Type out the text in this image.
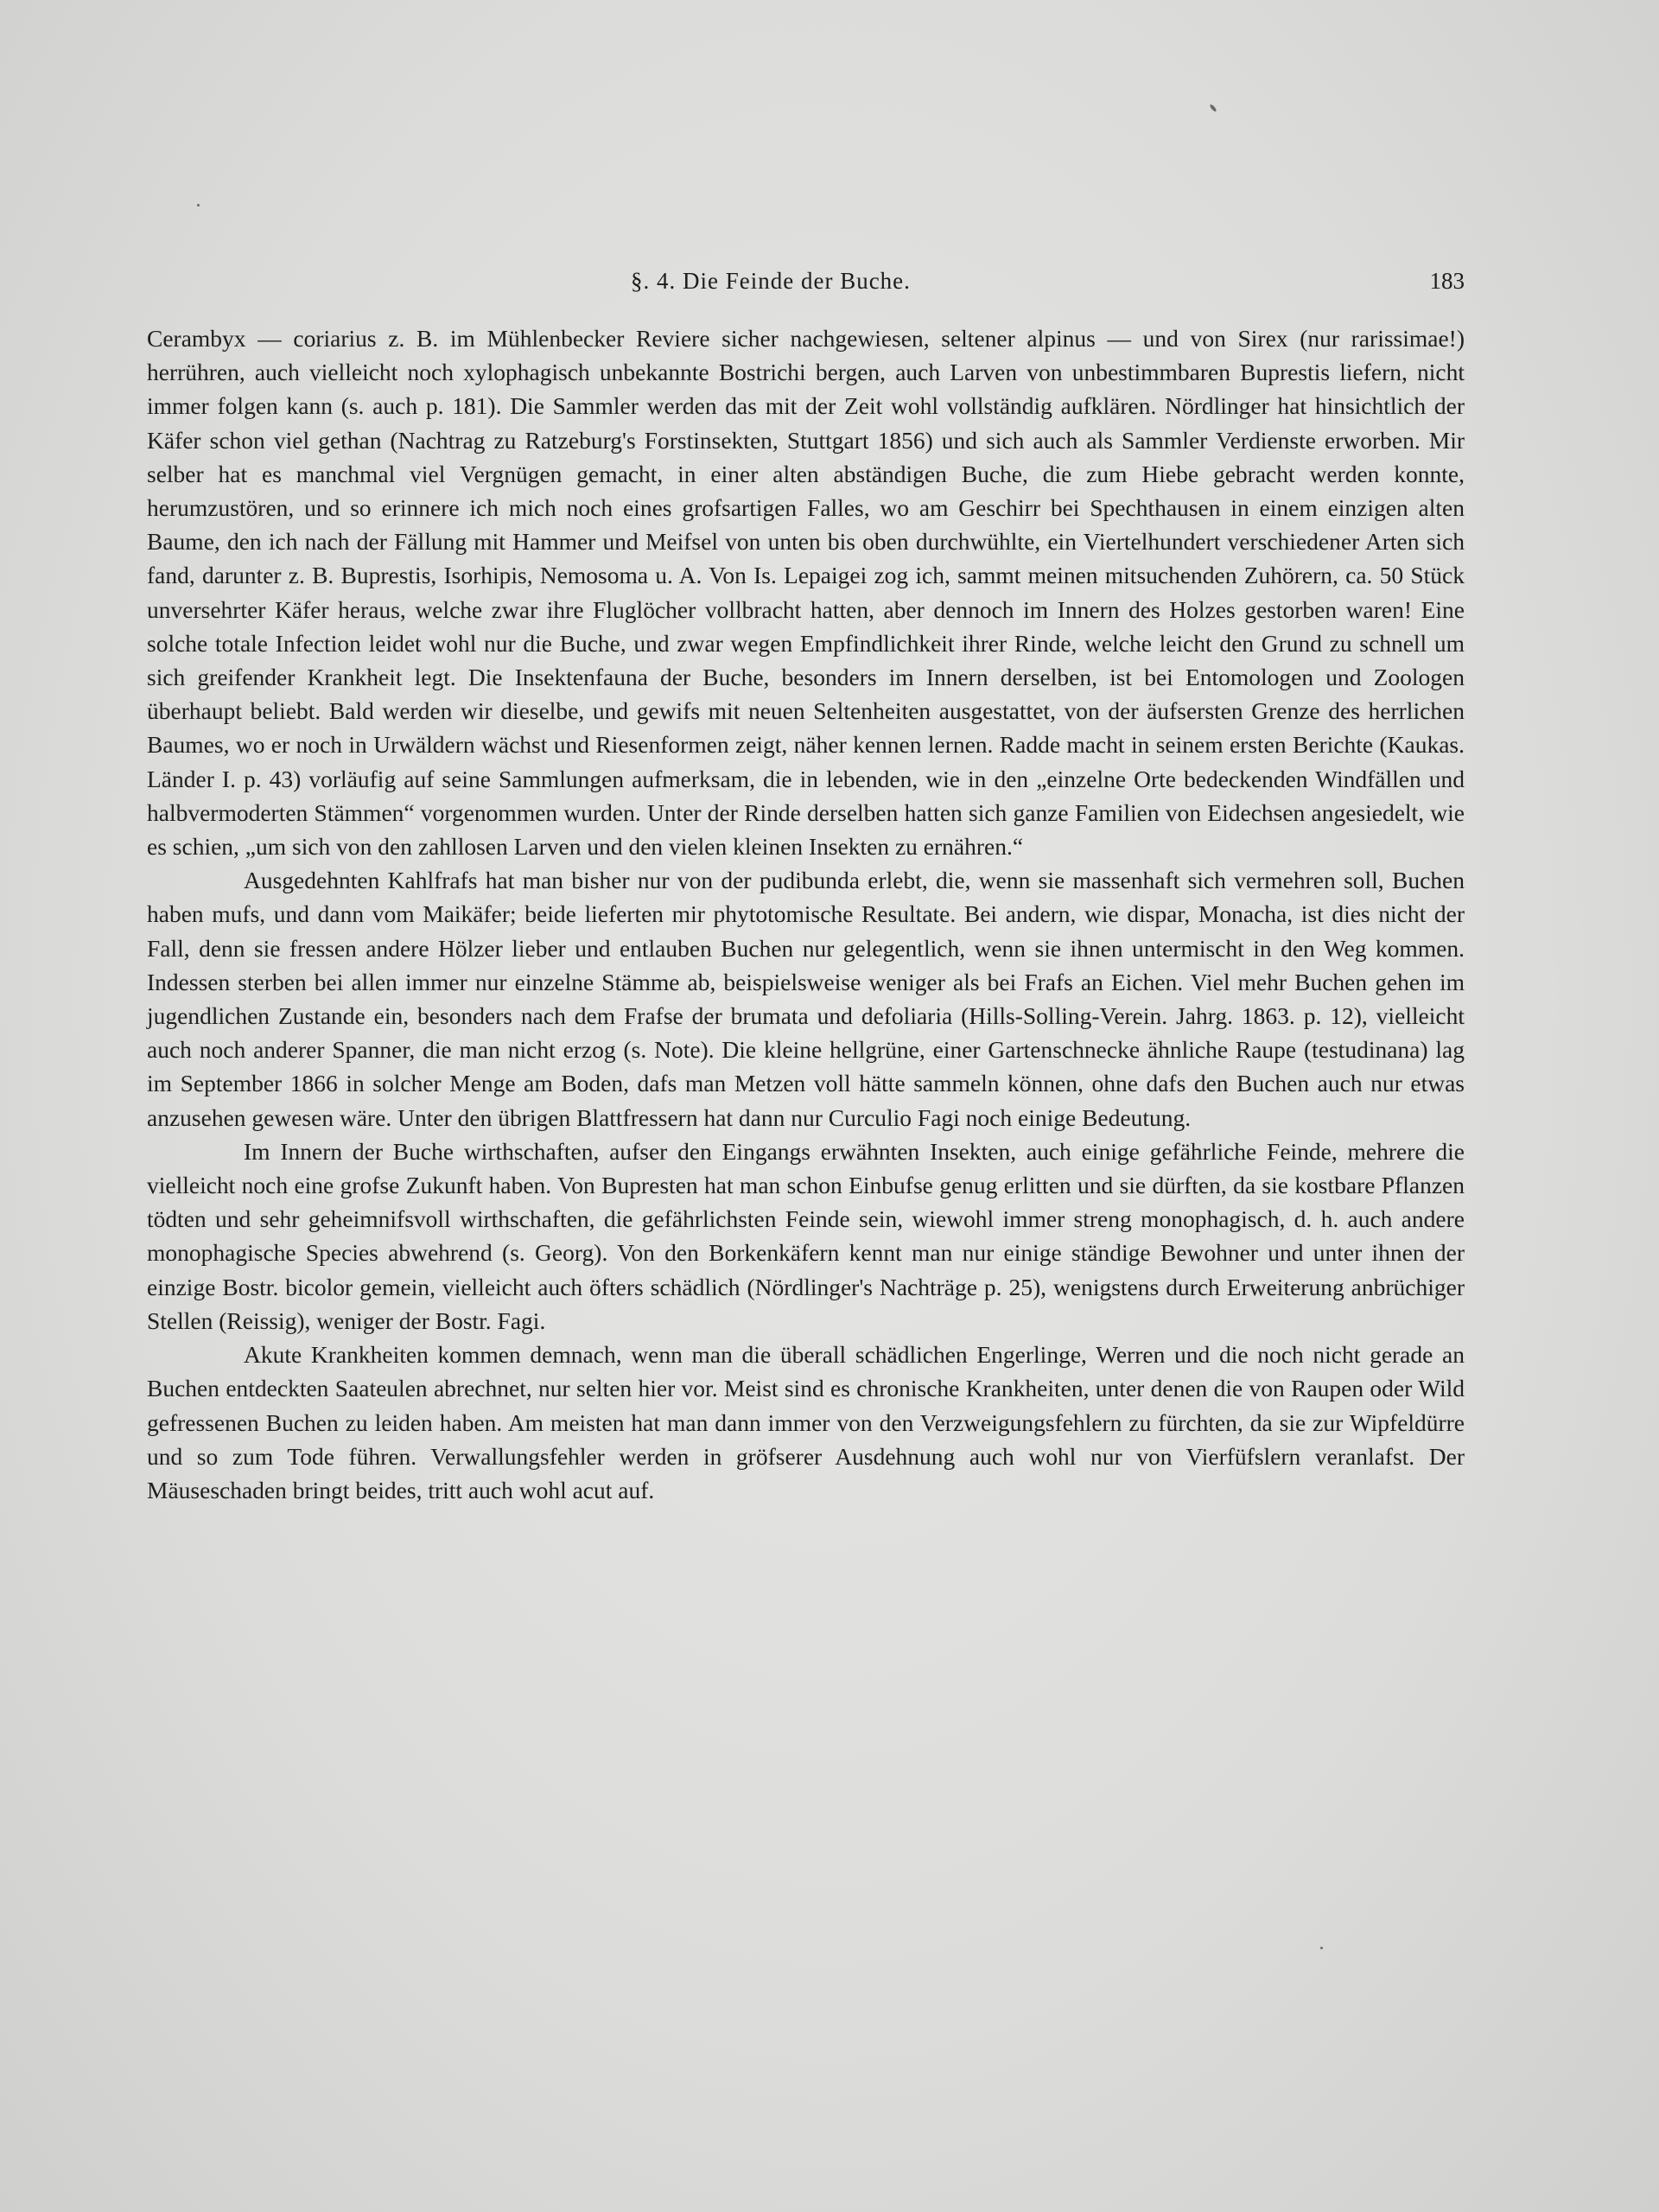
§. 4. Die Feinde der Buche.	183

Cerambyx — coriarius z. B. im Mühlenbecker Reviere sicher nachgewiesen, seltener alpinus — und von Sirex (nur rarissimae!) herrühren, auch vielleicht noch xylophagisch unbekannte Bostrichi bergen, auch Larven von unbestimmbaren Buprestis liefern, nicht immer folgen kann (s. auch p. 181). Die Sammler werden das mit der Zeit wohl vollständig aufklären. Nördlinger hat hinsichtlich der Käfer schon viel gethan (Nachtrag zu Ratzeburg's Forstinsekten, Stuttgart 1856) und sich auch als Sammler Verdienste erworben. Mir selber hat es manchmal viel Vergnügen gemacht, in einer alten abständigen Buche, die zum Hiebe gebracht werden konnte, herumzustören, und so erinnere ich mich noch eines grofsartigen Falles, wo am Geschirr bei Spechthausen in einem einzigen alten Baume, den ich nach der Fällung mit Hammer und Meifsel von unten bis oben durchwühlte, ein Viertelhundert verschiedener Arten sich fand, darunter z. B. Buprestis, Isorhipis, Nemosoma u. A. Von Is. Lepaigei zog ich, sammt meinen mitsuchenden Zuhörern, ca. 50 Stück unversehrter Käfer heraus, welche zwar ihre Fluglöcher vollbracht hatten, aber dennoch im Innern des Holzes gestorben waren! Eine solche totale Infection leidet wohl nur die Buche, und zwar wegen Empfindlichkeit ihrer Rinde, welche leicht den Grund zu schnell um sich greifender Krankheit legt. Die Insektenfauna der Buche, besonders im Innern derselben, ist bei Entomologen und Zoologen überhaupt beliebt. Bald werden wir dieselbe, und gewifs mit neuen Seltenheiten ausgestattet, von der äufsersten Grenze des herrlichen Baumes, wo er noch in Urwäldern wächst und Riesenformen zeigt, näher kennen lernen. Radde macht in seinem ersten Berichte (Kaukas. Länder I. p. 43) vorläufig auf seine Sammlungen aufmerksam, die in lebenden, wie in den „einzelne Orte bedeckenden Windfällen und halbvermoderten Stämmen“ vorgenommen wurden. Unter der Rinde derselben hatten sich ganze Familien von Eidechsen angesiedelt, wie es schien, „um sich von den zahllosen Larven und den vielen kleinen Insekten zu ernähren.“

Ausgedehnten Kahlfrafs hat man bisher nur von der pudibunda erlebt, die, wenn sie massenhaft sich vermehren soll, Buchen haben mufs, und dann vom Maikäfer; beide lieferten mir phytotomische Resultate. Bei andern, wie dispar, Monacha, ist dies nicht der Fall, denn sie fressen andere Hölzer lieber und entlauben Buchen nur gelegentlich, wenn sie ihnen untermischt in den Weg kommen. Indessen sterben bei allen immer nur einzelne Stämme ab, beispielsweise weniger als bei Frafs an Eichen. Viel mehr Buchen gehen im jugendlichen Zustande ein, besonders nach dem Frafse der brumata und defoliaria (Hills-Solling-Verein. Jahrg. 1863. p. 12), vielleicht auch noch anderer Spanner, die man nicht erzog (s. Note). Die kleine hellgrüne, einer Gartenschnecke ähnliche Raupe (testudinana) lag im September 1866 in solcher Menge am Boden, dafs man Metzen voll hätte sammeln können, ohne dafs den Buchen auch nur etwas anzusehen gewesen wäre. Unter den übrigen Blattfressern hat dann nur Curculio Fagi noch einige Bedeutung.

Im Innern der Buche wirthschaften, aufser den Eingangs erwähnten Insekten, auch einige gefährliche Feinde, mehrere die vielleicht noch eine grofse Zukunft haben. Von Bupresten hat man schon Einbufse genug erlitten und sie dürften, da sie kostbare Pflanzen tödten und sehr geheimnifsvoll wirthschaften, die gefährlichsten Feinde sein, wiewohl immer streng monophagisch, d. h. auch andere monophagische Species abwehrend (s. Georg). Von den Borkenkäfern kennt man nur einige ständige Bewohner und unter ihnen der einzige Bostr. bicolor gemein, vielleicht auch öfters schädlich (Nördlinger's Nachträge p. 25), wenigstens durch Erweiterung anbrüchiger Stellen (Reissig), weniger der Bostr. Fagi.

Akute Krankheiten kommen demnach, wenn man die überall schädlichen Engerlinge, Werren und die noch nicht gerade an Buchen entdeckten Saateulen abrechnet, nur selten hier vor. Meist sind es chronische Krankheiten, unter denen die von Raupen oder Wild gefressenen Buchen zu leiden haben. Am meisten hat man dann immer von den Verzweigungsfehlern zu fürchten, da sie zur Wipfeldürre und so zum Tode führen. Verwallungsfehler werden in gröfserer Ausdehnung auch wohl nur von Vierfüfslern veranlafst. Der Mäuseschaden bringt beides, tritt auch wohl acut auf.
